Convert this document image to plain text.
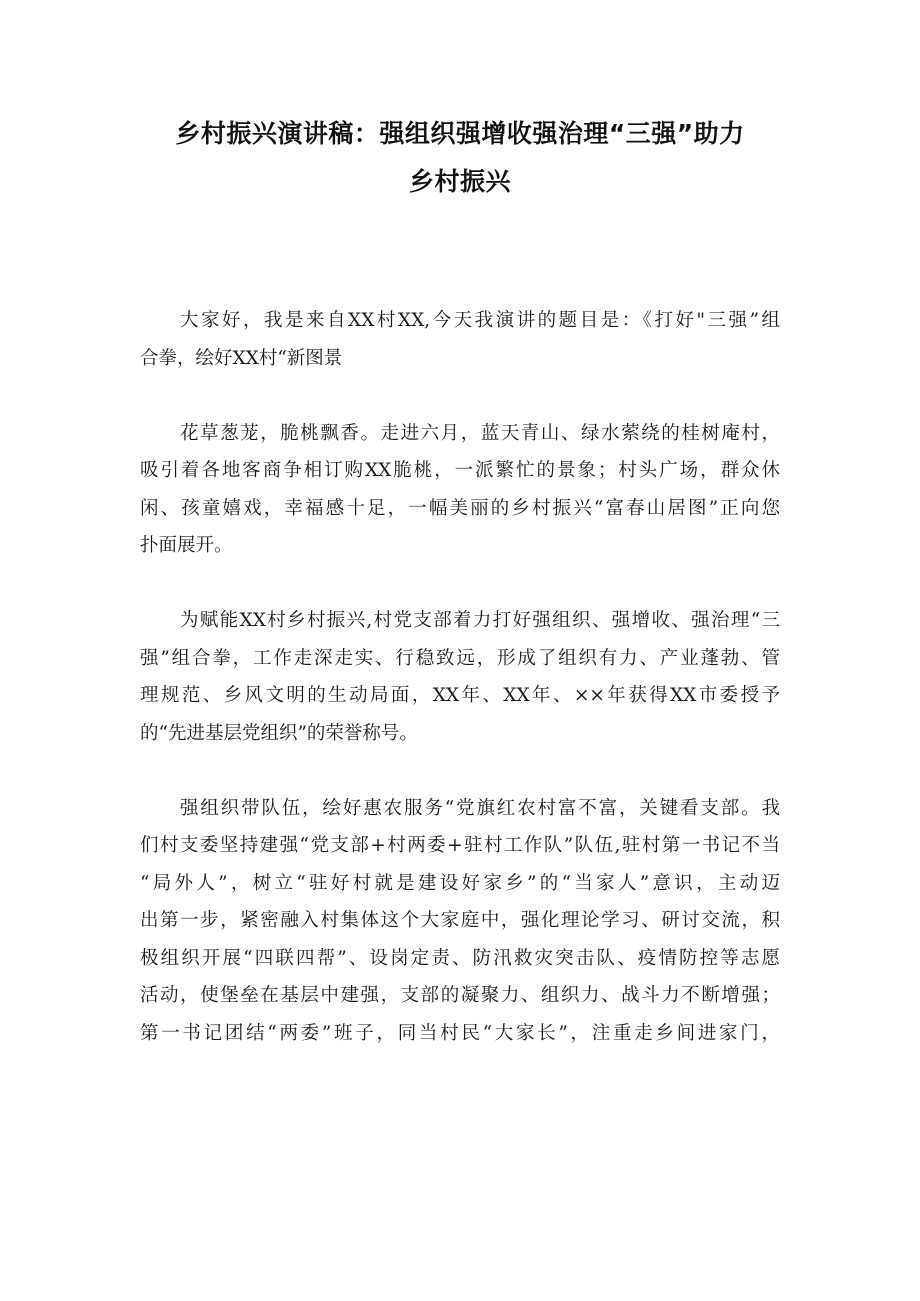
乡村振兴演讲稿：强组织强增收强治理“三强”助力
乡村振兴

大家好，我是来自XX村XX,今天我演讲的题目是：《打好"三强”组
合拳，绘好XX村“新图景

花草葱茏，脆桃飘香。走进六月，蓝天青山、绿水萦绕的桂树庵村，
吸引着各地客商争相订购XX脆桃，一派繁忙的景象；村头广场，群众休
闲、孩童嬉戏，幸福感十足，一幅美丽的乡村振兴“富春山居图”正向您
扑面展开。

为赋能XX村乡村振兴,村党支部着力打好强组织、强增收、强治理“三
强”组合拳，工作走深走实、行稳致远，形成了组织有力、产业蓬勃、管
理规范、乡风文明的生动局面，XX年、XX年、××年获得XX市委授予
的“先进基层党组织”的荣誉称号。

强组织带队伍，绘好惠农服务“党旗红农村富不富，关键看支部。我
们村支委坚持建强“党支部+村两委+驻村工作队”队伍,驻村第一书记不当
“局外人”，树立“驻好村就是建设好家乡”的“当家人”意识，主动迈
出第一步，紧密融入村集体这个大家庭中，强化理论学习、研讨交流，积
极组织开展“四联四帮”、设岗定责、防汛救灾突击队、疫情防控等志愿
活动，使堡垒在基层中建强，支部的凝聚力、组织力、战斗力不断增强；
第一书记团结“两委”班子，同当村民“大家长”，注重走乡间进家门，
